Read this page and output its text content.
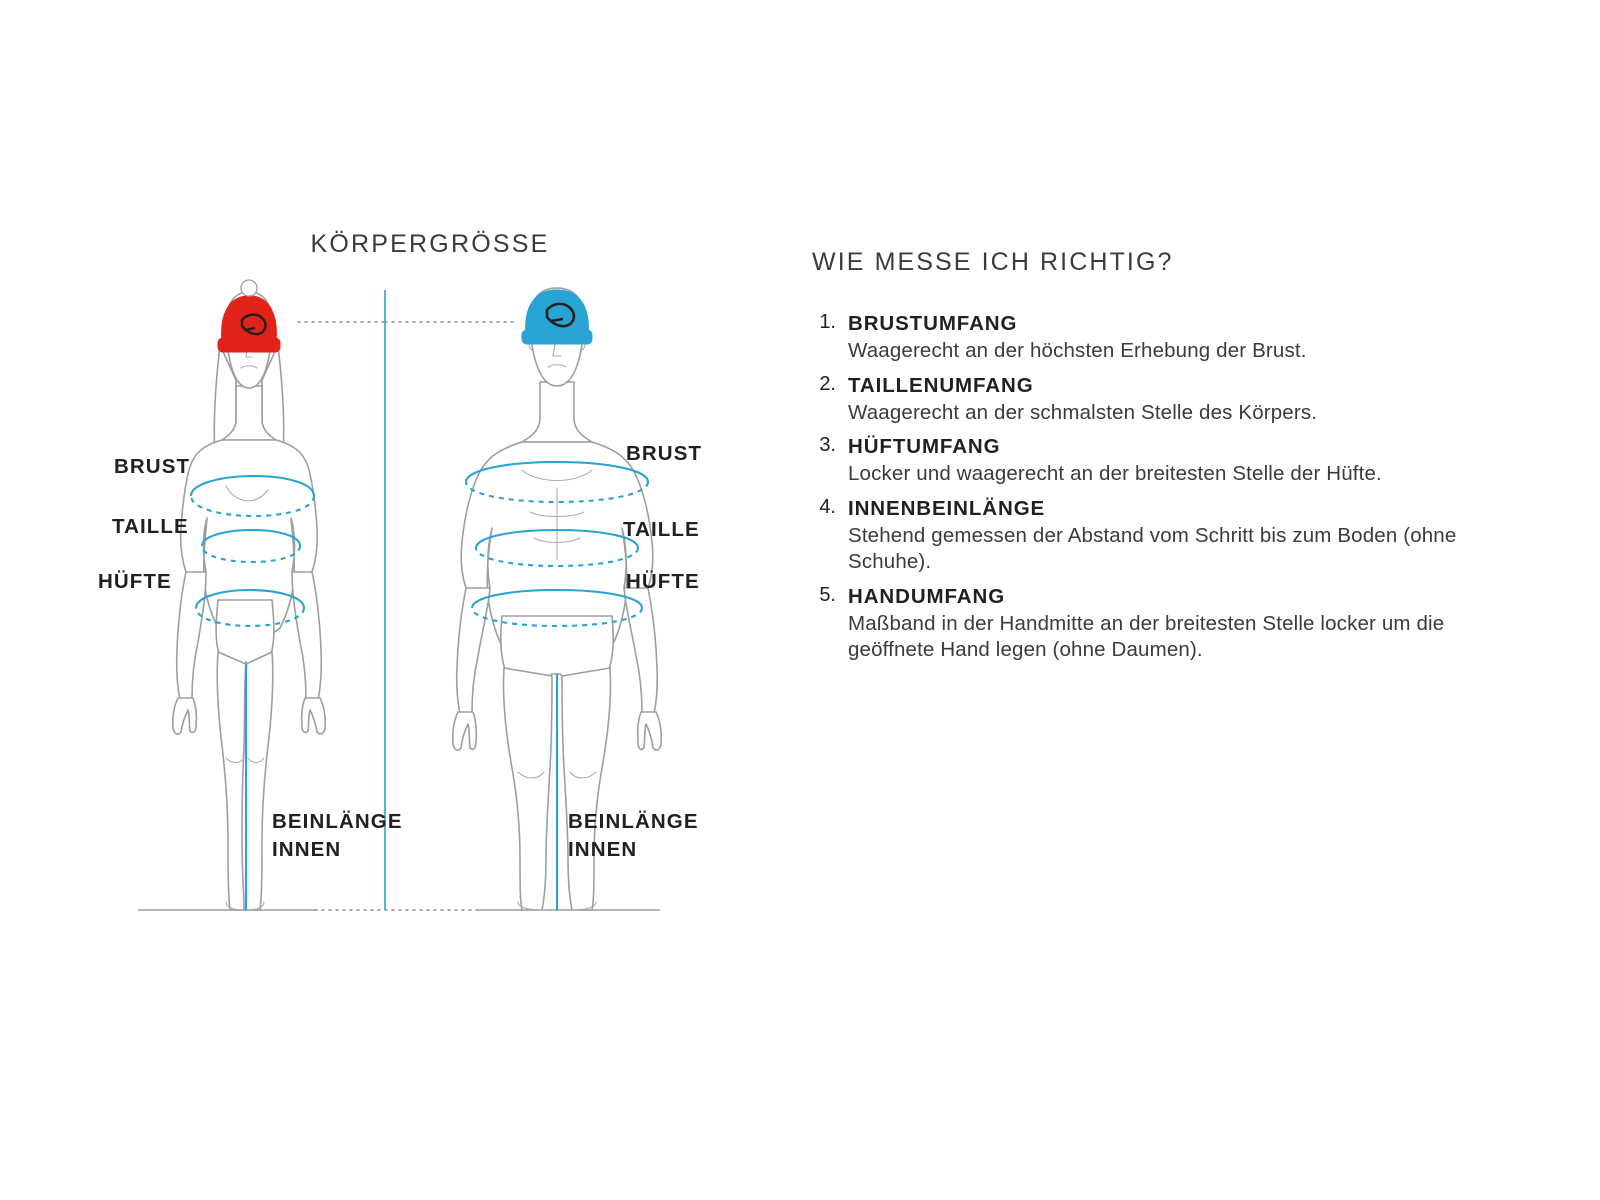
KÖRPERGRÖSSE
BRUST
TAILLE
HÜFTE
BEINLÄNGE
INNEN
BRUST
TAILLE
HÜFTE
BEINLÄNGE
INNEN
WIE MESSE ICH RICHTIG?
1. BRUSTUMFANG
Waagerecht an der höchsten Erhebung der Brust.
2. TAILLENUMFANG
Waagerecht an der schmalsten Stelle des Körpers.
3. HÜFTUMFANG
Locker und waagerecht an der breitesten Stelle der Hüfte.
4. INNENBEINLÄNGE
Stehend gemessen der Abstand vom Schritt bis zum Boden (ohne Schuhe).
5. HANDUMFANG
Maßband in der Handmitte an der breitesten Stelle locker um die geöffnete Hand legen (ohne Daumen).
